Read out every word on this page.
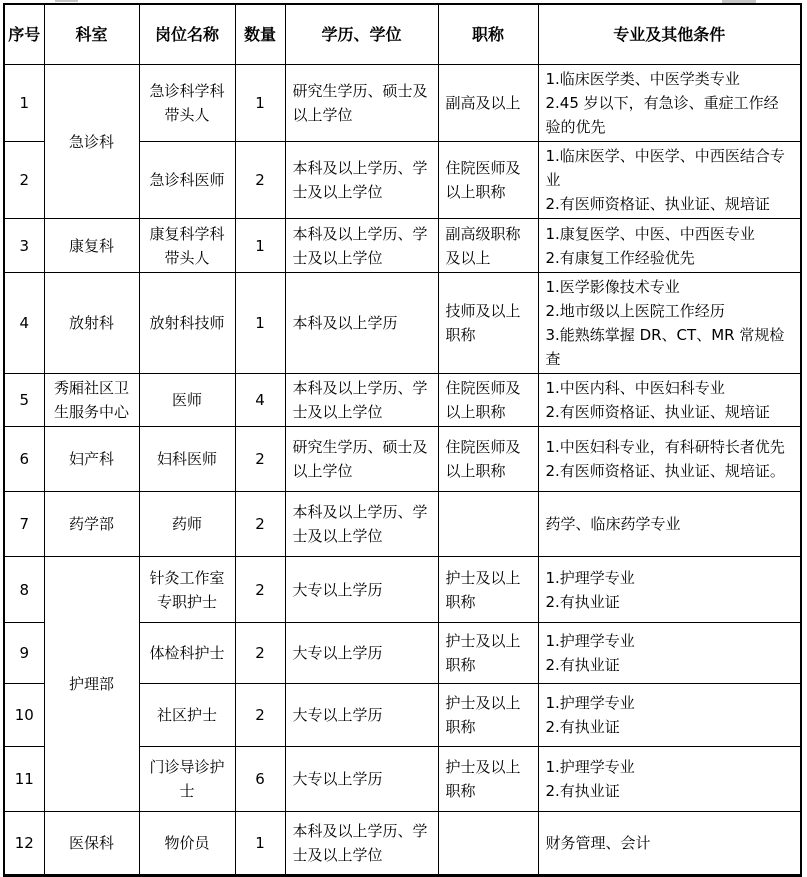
序号	科室	岗位名称	数量	学历、学位	职称	专业及其他条件
1	急诊科	急诊科学科带头人	1	研究生学历、硕士及以上学位	副高及以上	1.临床医学类、中医学类专业
2.45 岁以下，有急诊、重症工作经验的优先

2		急诊科医师	2	本科及以上学历、学士及以上学位	住院医师及以上职称	1.临床医学、中医学、中西医结合专业
2.有医师资格证、执业证、规培证

3	康复科	康复科学科带头人	1	本科及以上学历、学士及以上学位	副高级职称及以上	1.康复医学、中医、中西医专业
2.有康复工作经验优先

4	放射科	放射科技师	1	本科及以上学历	技师及以上职称	1.医学影像技术专业
2.地市级以上医院工作经历
3.能熟练掌握 DR、CT、MR 常规检查

5	秀厢社区卫生服务中心	医师	4	本科及以上学历、学士及以上学位	住院医师及以上职称	1.中医内科、中医妇科专业
2.有医师资格证、执业证、规培证

6	妇产科	妇科医师	2	研究生学历、硕士及以上学位	住院医师及以上职称	1.中医妇科专业，有科研特长者优先
2.有医师资格证、执业证、规培证。

7	药学部	药师	2	本科及以上学历、学士及以上学位		药学、临床药学专业

8	护理部	针灸工作室专职护士	2	大专以上学历	护士及以上职称	1.护理学专业
2.有执业证

9		体检科护士	2	大专以上学历	护士及以上职称	1.护理学专业
2.有执业证

10		社区护士	2	大专以上学历	护士及以上职称	1.护理学专业
2.有执业证

11		门诊导诊护士	6	大专以上学历	护士及以上职称	1.护理学专业
2.有执业证

12	医保科	物价员	1	本科及以上学历、学士及以上学位		财务管理、会计
